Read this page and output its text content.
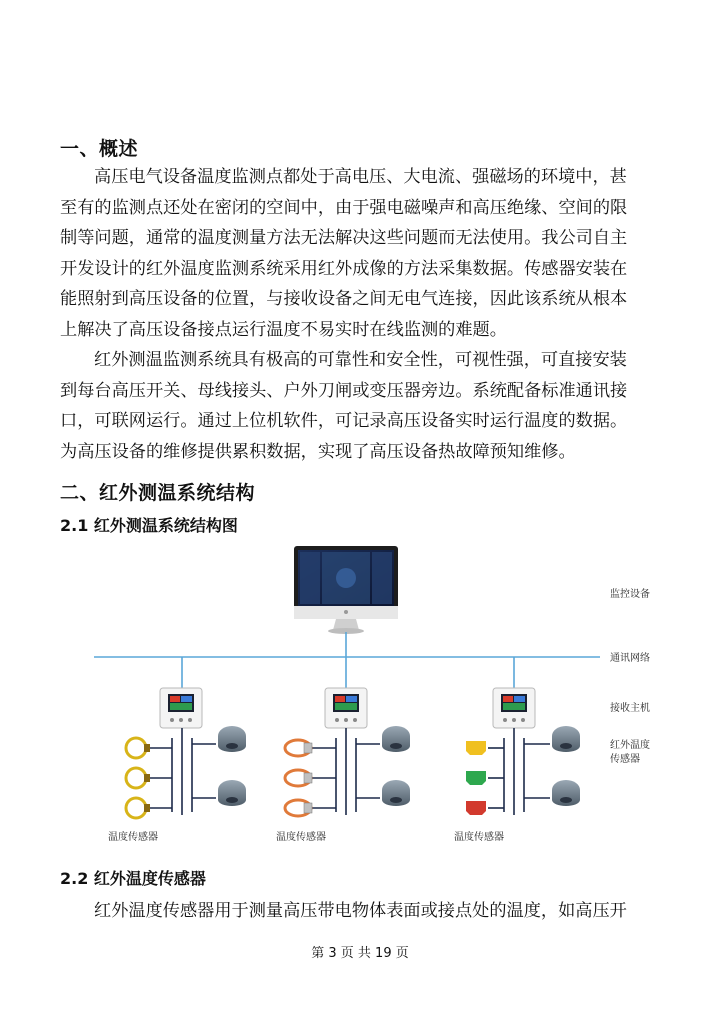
一、概述

高压电气设备温度监测点都处于高电压、大电流、强磁场的环境中，甚
至有的监测点还处在密闭的空间中，由于强电磁噪声和高压绝缘、空间的限
制等问题，通常的温度测量方法无法解决这些问题而无法使用。我公司自主
开发设计的红外温度监测系统采用红外成像的方法采集数据。传感器安装在
能照射到高压设备的位置，与接收设备之间无电气连接，因此该系统从根本
上解决了高压设备接点运行温度不易实时在线监测的难题。

红外测温监测系统具有极高的可靠性和安全性，可视性强，可直接安装
到每台高压开关、母线接头、户外刀闸或变压器旁边。系统配备标准通讯接
口，可联网运行。通过上位机软件，可记录高压设备实时运行温度的数据。
为高压设备的维修提供累积数据，实现了高压设备热故障预知维修。

二、红外测温系统结构
2.1 红外测温系统结构图
监控设备
通讯网络
接收主机
红外温度
传感器
温度传感器	温度传感器	温度传感器
2.2 红外温度传感器

红外温度传感器用于测量高压带电物体表面或接点处的温度，如高压开

第 3 页 共 19 页
